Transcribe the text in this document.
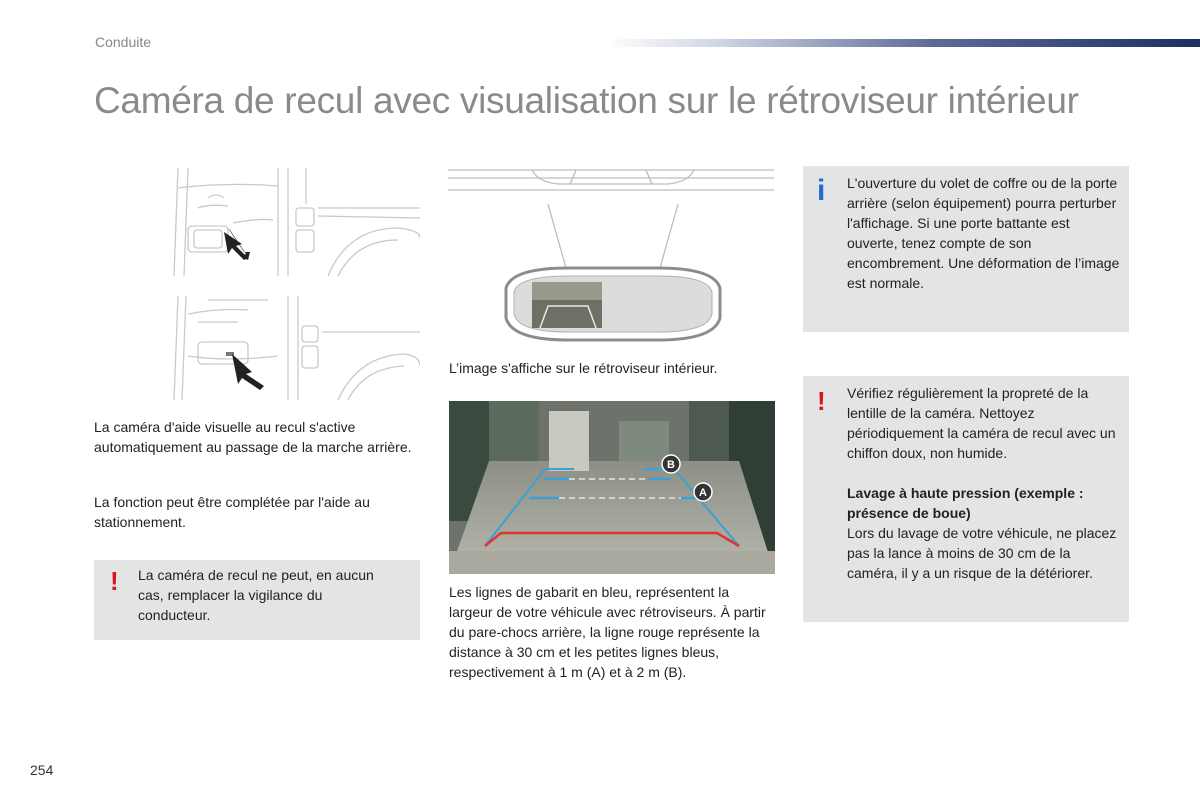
Conduite
Caméra de recul avec visualisation sur le rétroviseur intérieur
La caméra d'aide visuelle au recul s'active automatiquement au passage de la marche arrière.
La fonction peut être complétée par l'aide au stationnement.
! La caméra de recul ne peut, en aucun cas, remplacer la vigilance du conducteur.
L’image s'affiche sur le rétroviseur intérieur.
B
A
Les lignes de gabarit en bleu, représentent la largeur de votre véhicule avec rétroviseurs. À partir du pare-chocs arrière, la ligne rouge représente la distance à 30 cm et les petites lignes bleus, respectivement à 1 m (A) et à 2 m (B).
i L'ouverture du volet de coffre ou de la porte arrière (selon équipement) pourra perturber l'affichage. Si une porte battante est ouverte, tenez compte de son encombrement. Une déformation de l’image est normale.
! Vérifiez régulièrement la propreté de la lentille de la caméra. Nettoyez périodiquement la caméra de recul avec un chiffon doux, non humide.
Lavage à haute pression (exemple : présence de boue)
Lors du lavage de votre véhicule, ne placez pas la lance à moins de 30 cm de la caméra, il y a un risque de la détériorer.
254
